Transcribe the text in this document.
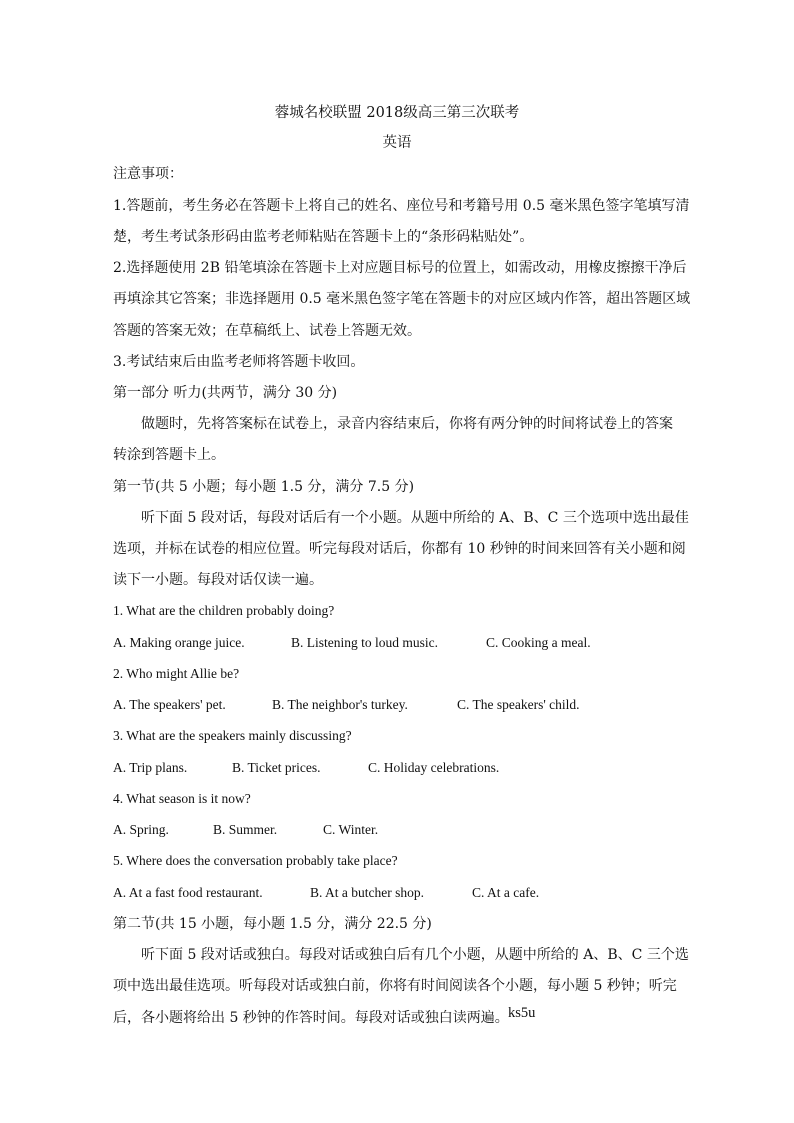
蓉城名校联盟 2018级高三第三次联考
英语
注意事项：
1.答题前，考生务必在答题卡上将自己的姓名、座位号和考籍号用 0.5 毫米黑色签字笔填写清
楚，考生考试条形码由监考老师粘贴在答题卡上的“条形码粘贴处”。
2.选择题使用 2B 铅笔填涂在答题卡上对应题目标号的位置上，如需改动，用橡皮擦擦干净后
再填涂其它答案；非选择题用 0.5 毫米黑色签字笔在答题卡的对应区域内作答，超出答题区域
答题的答案无效；在草稿纸上、试卷上答题无效。
3.考试结束后由监考老师将答题卡收回。
第一部分 听力(共两节，满分 30 分)
做题时，先将答案标在试卷上，录音内容结束后，你将有两分钟的时间将试卷上的答案
转涂到答题卡上。
第一节(共 5 小题；每小题 1.5 分，满分 7.5 分)
听下面 5 段对话，每段对话后有一个小题。从题中所给的 A、B、C 三个选项中选出最佳
选项，并标在试卷的相应位置。听完每段对话后，你都有 10 秒钟的时间来回答有关小题和阅
读下一小题。每段对话仅读一遍。
1. What are the children probably doing?
A. Making orange juice.	B. Listening to loud music.	C. Cooking a meal.
2. Who might Allie be?
A. The speakers' pet.	B. The neighbor's turkey.	C. The speakers' child.
3. What are the speakers mainly discussing?
A. Trip plans.	B. Ticket prices.	C. Holiday celebrations.
4. What season is it now?
A. Spring.	B. Summer.	C. Winter.
5. Where does the conversation probably take place?
A. At a fast food restaurant.	B. At a butcher shop.	C. At a cafe.
第二节(共 15 小题，每小题 1.5 分，满分 22.5 分)
听下面 5 段对话或独白。每段对话或独白后有几个小题，从题中所给的 A、B、C 三个选
项中选出最佳选项。听每段对话或独白前，你将有时间阅读各个小题，每小题 5 秒钟；听完
后，各小题将给出 5 秒钟的作答时间。每段对话或独白读两遍。 ks5u
